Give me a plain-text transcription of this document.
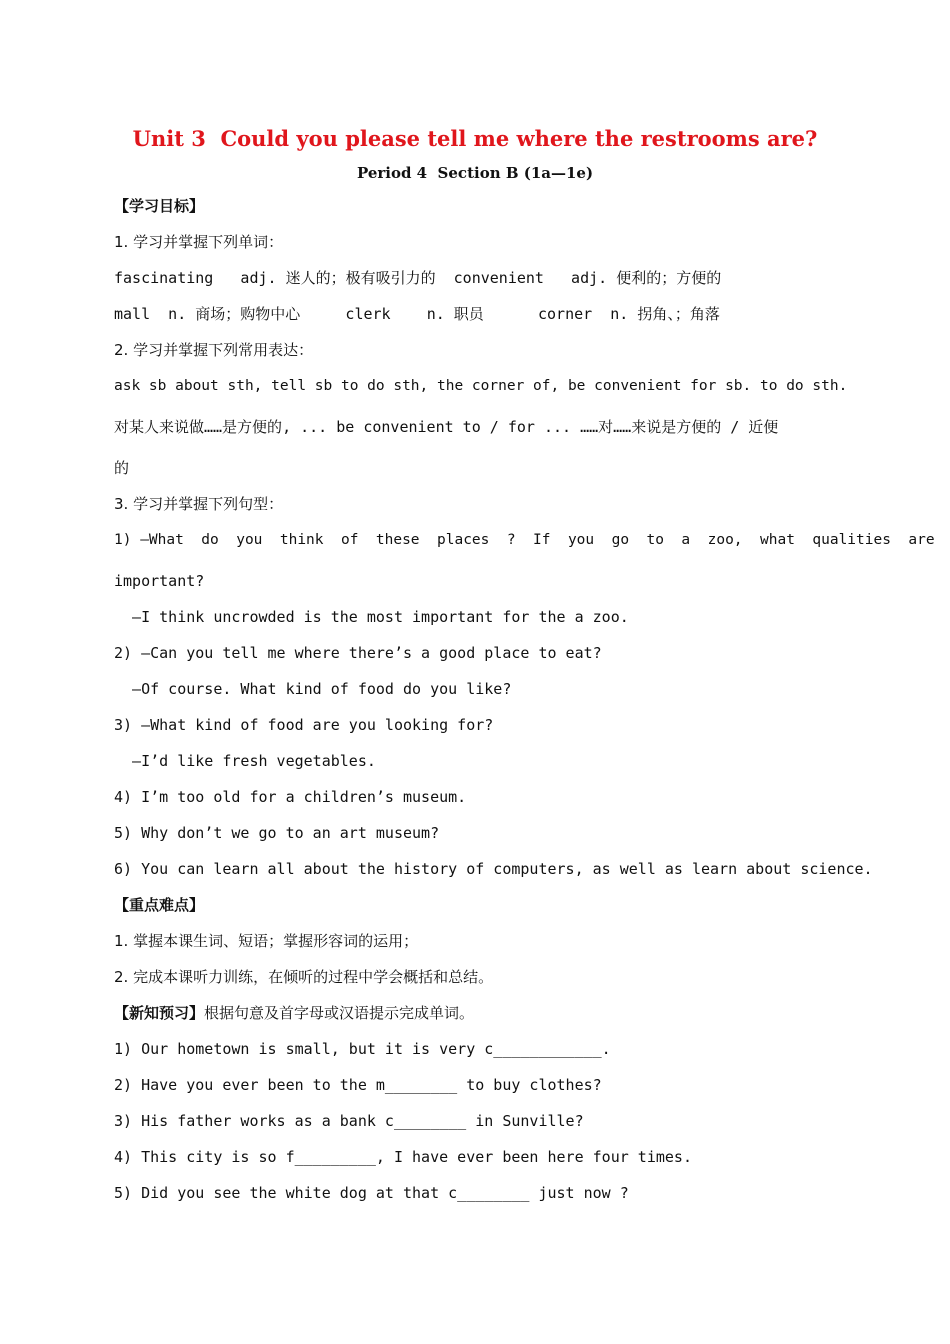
Unit 3  Could you please tell me where the restrooms are?
Period 4  Section B (1a—1e)
【学习目标】
1. 学习并掌握下列单词：
fascinating   adj. 迷人的；极有吸引力的  convenient   adj. 便利的；方便的
mall  n. 商场；购物中心     clerk    n. 职员      corner  n. 拐角、；角落
2. 学习并掌握下列常用表达：
ask sb about sth, tell sb to do sth, the corner of, be convenient for sb. to do sth.
对某人来说做……是方便的, ... be convenient to / for ... ……对……来说是方便的 / 近便
的
3. 学习并掌握下列句型：
1) —What  do  you  think  of  these  places  ?  If  you  go  to  a  zoo,  what  qualities  are
important?
—I think uncrowded is the most important for the a zoo.
2) —Can you tell me where there’s a good place to eat?
—Of course. What kind of food do you like?
3) —What kind of food are you looking for?
—I’d like fresh vegetables.
4) I’m too old for a children’s museum.
5) Why don’t we go to an art museum?
6) You can learn all about the history of computers, as well as learn about science.
【重点难点】
1. 掌握本课生词、短语；掌握形容词的运用；
2. 完成本课听力训练，在倾听的过程中学会概括和总结。
【新知预习】根据句意及首字母或汉语提示完成单词。
1) Our hometown is small, but it is very c____________.
2) Have you ever been to the m________ to buy clothes?
3) His father works as a bank c________ in Sunville?
4) This city is so f_________, I have ever been here four times.
5) Did you see the white dog at that c________ just now ?
